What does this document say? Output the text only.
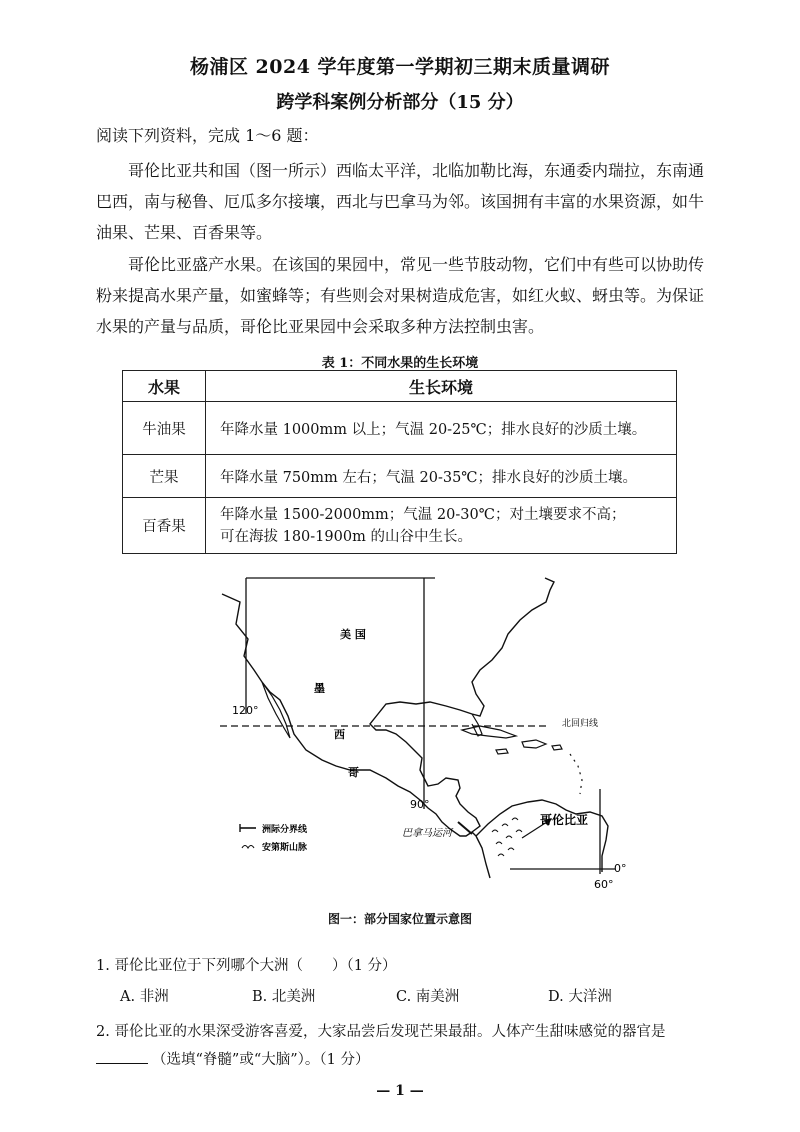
杨浦区 2024 学年度第一学期初三期末质量调研
跨学科案例分析部分（15 分）
阅读下列资料，完成 1～6 题：
哥伦比亚共和国（图一所示）西临太平洋，北临加勒比海，东通委内瑞拉，东南通巴西，南与秘鲁、厄瓜多尔接壤，西北与巴拿马为邻。该国拥有丰富的水果资源，如牛油果、芒果、百香果等。
哥伦比亚盛产水果。在该国的果园中，常见一些节肢动物，它们中有些可以协助传粉来提高水果产量，如蜜蜂等；有些则会对果树造成危害，如红火蚁、蚜虫等。为保证水果的产量与品质，哥伦比亚果园中会采取多种方法控制虫害。
表 1：不同水果的生长环境
水果	生长环境
牛油果	年降水量 1000mm 以上；气温 20-25℃；排水良好的沙质土壤。
芒果	年降水量 750mm 左右；气温 20-35℃；排水良好的沙质土壤。
百香果	年降水量 1500-2000mm；气温 20-30℃；对土壤要求不高；
可在海拔 180-1900m 的山谷中生长。
美 国
墨
西
哥
120°
90°
60°
0°
北回归线
哥伦比亚
巴拿马运河
洲际分界线
安第斯山脉
图一：部分国家位置示意图
1. 哥伦比亚位于下列哪个大洲（　　）（1 分）
A. 非洲	B. 北美洲	C. 南美洲	D. 大洋洲
2. 哥伦比亚的水果深受游客喜爱，大家品尝后发现芒果最甜。人体产生甜味感觉的器官是
（选填“脊髓”或“大脑”）。（1 分）
— 1 —
